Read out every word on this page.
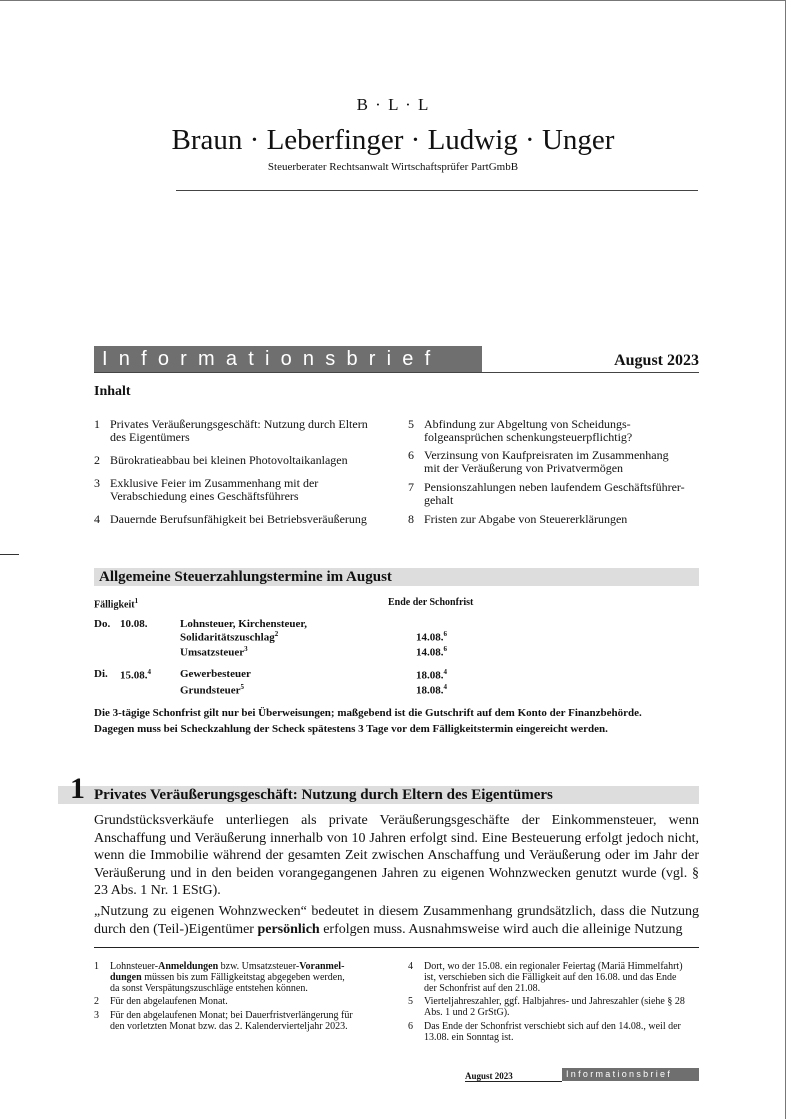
B · L · L
Braun · Leberfinger · Ludwig · Unger
Steuerberater Rechtsanwalt Wirtschaftsprüfer PartGmbB
Informationsbrief	August 2023
Inhalt
1 Privates Veräußerungsgeschäft: Nutzung durch Eltern
des Eigentümers
2 Bürokratieabbau bei kleinen Photovoltaikanlagen
3 Exklusive Feier im Zusammenhang mit der
Verabschiedung eines Geschäftsführers
4 Dauernde Berufsunfähigkeit bei Betriebsveräußerung
5 Abfindung zur Abgeltung von Scheidungs-
folgeansprüchen schenkungsteuerpflichtig?
6 Verzinsung von Kaufpreisraten im Zusammenhang
mit der Veräußerung von Privatvermögen
7 Pensionszahlungen neben laufendem Geschäftsführer-
gehalt
8 Fristen zur Abgabe von Steuererklärungen
Allgemeine Steuerzahlungstermine im August
Fälligkeit$^1$	Ende der Schonfrist
Do. 10.08.	Lohnsteuer, Kirchensteuer,
Solidaritätszuschlag$^2$	14.08.$^6$
Umsatzsteuer$^3$	14.08.$^6$
Di. 15.08.$^4$	Gewerbesteuer	18.08.$^4$
Grundsteuer$^5$	18.08.$^4$
Die 3-tägige Schonfrist gilt nur bei Überweisungen; maßgebend ist die Gutschrift auf dem Konto der Finanzbehörde.
Dagegen muss bei Scheckzahlung der Scheck spätestens 3 Tage vor dem Fälligkeitstermin eingereicht werden.
Privates Veräußerungsgeschäft: Nutzung durch Eltern des Eigentümers
1
Grundstücksverkäufe unterliegen als private Veräußerungsgeschäfte der Einkommensteuer, wenn Anschaffung und Veräußerung innerhalb von 10 Jahren erfolgt sind. Eine Besteuerung erfolgt jedoch nicht, wenn die Immobilie während der gesamten Zeit zwischen Anschaffung und Veräußerung oder im Jahr der Veräußerung und in den beiden vorangegangenen Jahren zu eigenen Wohnzwecken genutzt wurde (vgl. § 23 Abs. 1 Nr. 1 EStG).
„Nutzung zu eigenen Wohnzwecken“ bedeutet in diesem Zusammenhang grundsätzlich, dass die Nutzung durch den (Teil-)Eigentümer persönlich erfolgen muss. Ausnahmsweise wird auch die alleinige Nutzung
1 Lohnsteuer-Anmeldungen bzw. Umsatzsteuer-Voranmel-
dungen müssen bis zum Fälligkeitstag abgegeben werden,
da sonst Verspätungszuschläge entstehen können.
2 Für den abgelaufenen Monat.
3 Für den abgelaufenen Monat; bei Dauerfristverlängerung für
den vorletzten Monat bzw. das 2. Kalendervierteljahr 2023.
4 Dort, wo der 15.08. ein regionaler Feiertag (Mariä Himmelfahrt)
ist, verschieben sich die Fälligkeit auf den 16.08. und das Ende
der Schonfrist auf den 21.08.
5 Vierteljahreszahler, ggf. Halbjahres- und Jahreszahler (siehe § 28
Abs. 1 und 2 GrStG).
6 Das Ende der Schonfrist verschiebt sich auf den 14.08., weil der
13.08. ein Sonntag ist.
August 2023	Informationsbrief
